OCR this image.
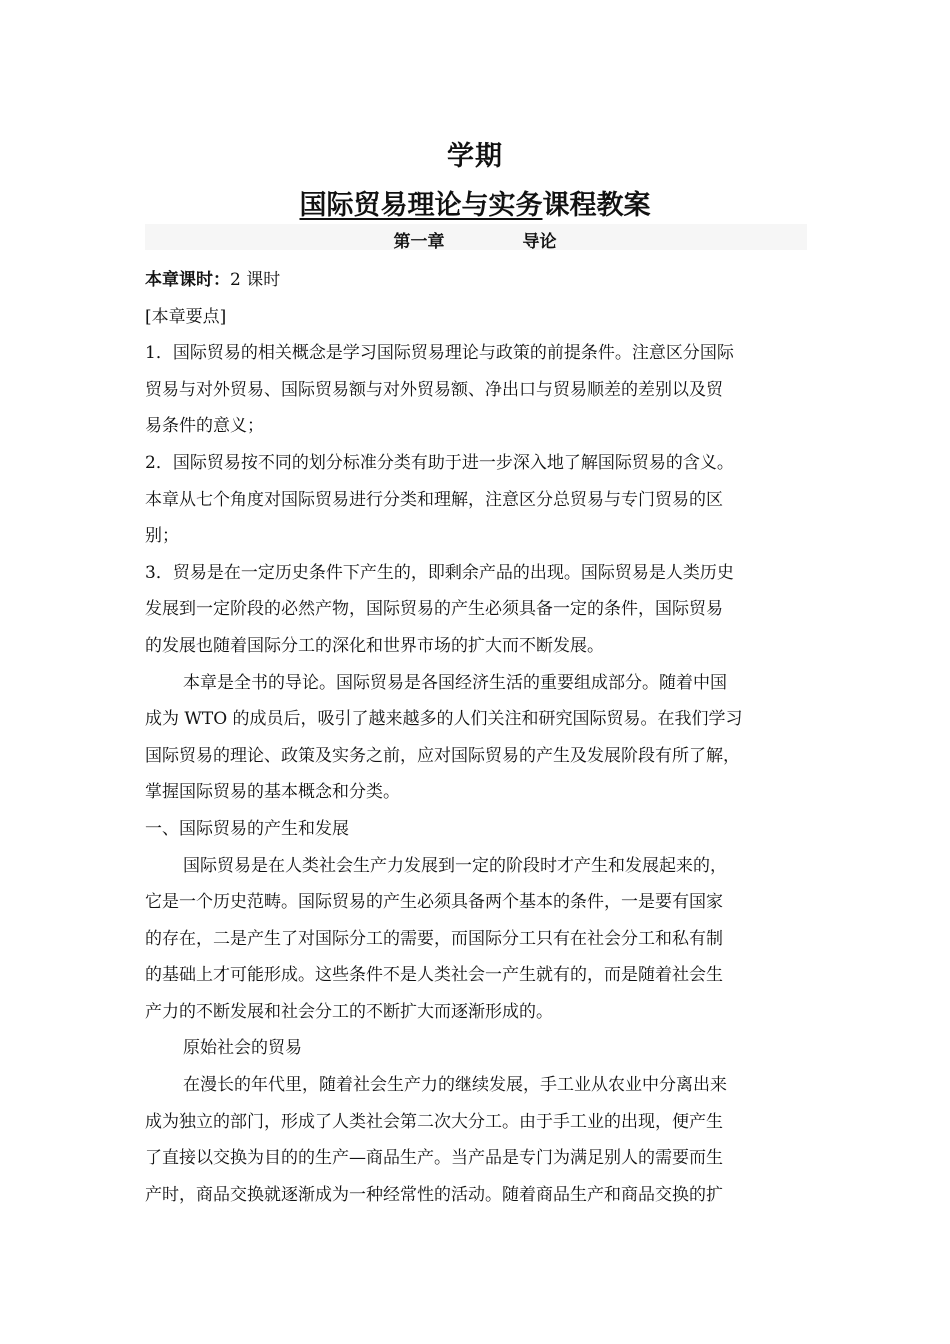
学期
国际贸易理论与实务课程教案
第一章	导论
本章课时：2 课时
[本章要点]
1．国际贸易的相关概念是学习国际贸易理论与政策的前提条件。注意区分国际
贸易与对外贸易、国际贸易额与对外贸易额、净出口与贸易顺差的差别以及贸
易条件的意义；
2．国际贸易按不同的划分标准分类有助于进一步深入地了解国际贸易的含义。
本章从七个角度对国际贸易进行分类和理解，注意区分总贸易与专门贸易的区
别；
3．贸易是在一定历史条件下产生的，即剩余产品的出现。国际贸易是人类历史
发展到一定阶段的必然产物，国际贸易的产生必须具备一定的条件，国际贸易
的发展也随着国际分工的深化和世界市场的扩大而不断发展。
本章是全书的导论。国际贸易是各国经济生活的重要组成部分。随着中国
成为 WTO 的成员后，吸引了越来越多的人们关注和研究国际贸易。在我们学习
国际贸易的理论、政策及实务之前，应对国际贸易的产生及发展阶段有所了解，
掌握国际贸易的基本概念和分类。
一、国际贸易的产生和发展
国际贸易是在人类社会生产力发展到一定的阶段时才产生和发展起来的，
它是一个历史范畴。国际贸易的产生必须具备两个基本的条件，一是要有国家
的存在，二是产生了对国际分工的需要，而国际分工只有在社会分工和私有制
的基础上才可能形成。这些条件不是人类社会一产生就有的，而是随着社会生
产力的不断发展和社会分工的不断扩大而逐渐形成的。
原始社会的贸易
在漫长的年代里，随着社会生产力的继续发展，手工业从农业中分离出来
成为独立的部门，形成了人类社会第二次大分工。由于手工业的出现，便产生
了直接以交换为目的的生产—商品生产。当产品是专门为满足别人的需要而生
产时，商品交换就逐渐成为一种经常性的活动。随着商品生产和商品交换的扩
